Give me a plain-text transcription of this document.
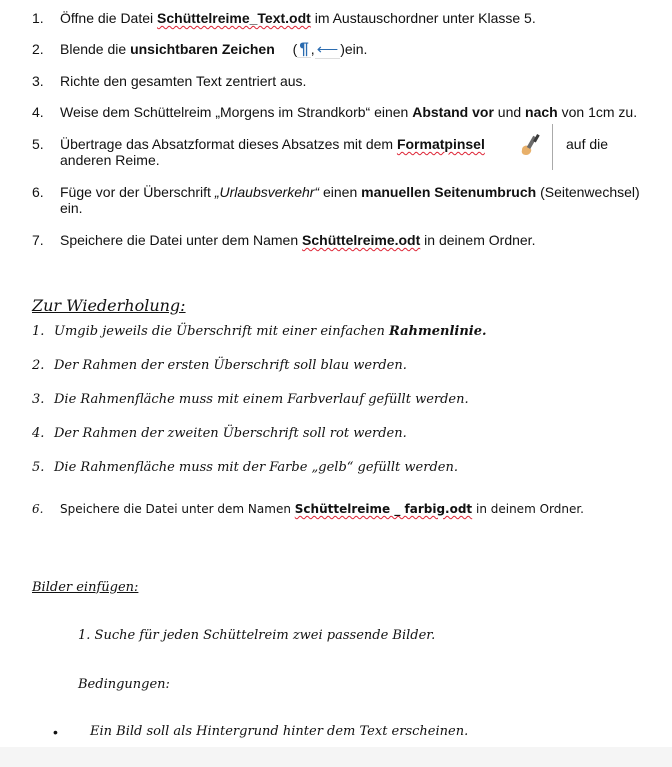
1. Öffne die Datei Schüttelreime_Text.odt im Austauschordner unter Klasse 5.
2. Blende die unsichtbaren Zeichen ( ¶ , ⟵ )ein.
3. Richte den gesamten Text zentriert aus.
4. Weise dem Schüttelreim „Morgens im Strandkorb“ einen Abstand vor und nach von 1cm zu.
5. Übertrage das Absatzformat dieses Absatzes mit dem Formatpinsel	auf die
anderen Reime.
6. Füge vor der Überschrift „Urlaubsverkehr“ einen manuellen Seitenumbruch (Seitenwechsel)
ein.
7. Speichere die Datei unter dem Namen Schüttelreime.odt in deinem Ordner.
Zur Wiederholung:
1. Umgib jeweils die Überschrift mit einer einfachen Rahmenlinie.
2. Der Rahmen der ersten Überschrift soll blau werden.
3. Die Rahmenfläche muss mit einem Farbverlauf gefüllt werden.
4. Der Rahmen der zweiten Überschrift soll rot werden.
5. Die Rahmenfläche muss mit der Farbe „gelb“ gefüllt werden.
6. Speichere die Datei unter dem Namen Schüttelreime _ farbig.odt in deinem Ordner.
Bilder einfügen:
1. Suche für jeden Schüttelreim zwei passende Bilder.
Bedingungen:
• Ein Bild soll als Hintergrund hinter dem Text erscheinen.
